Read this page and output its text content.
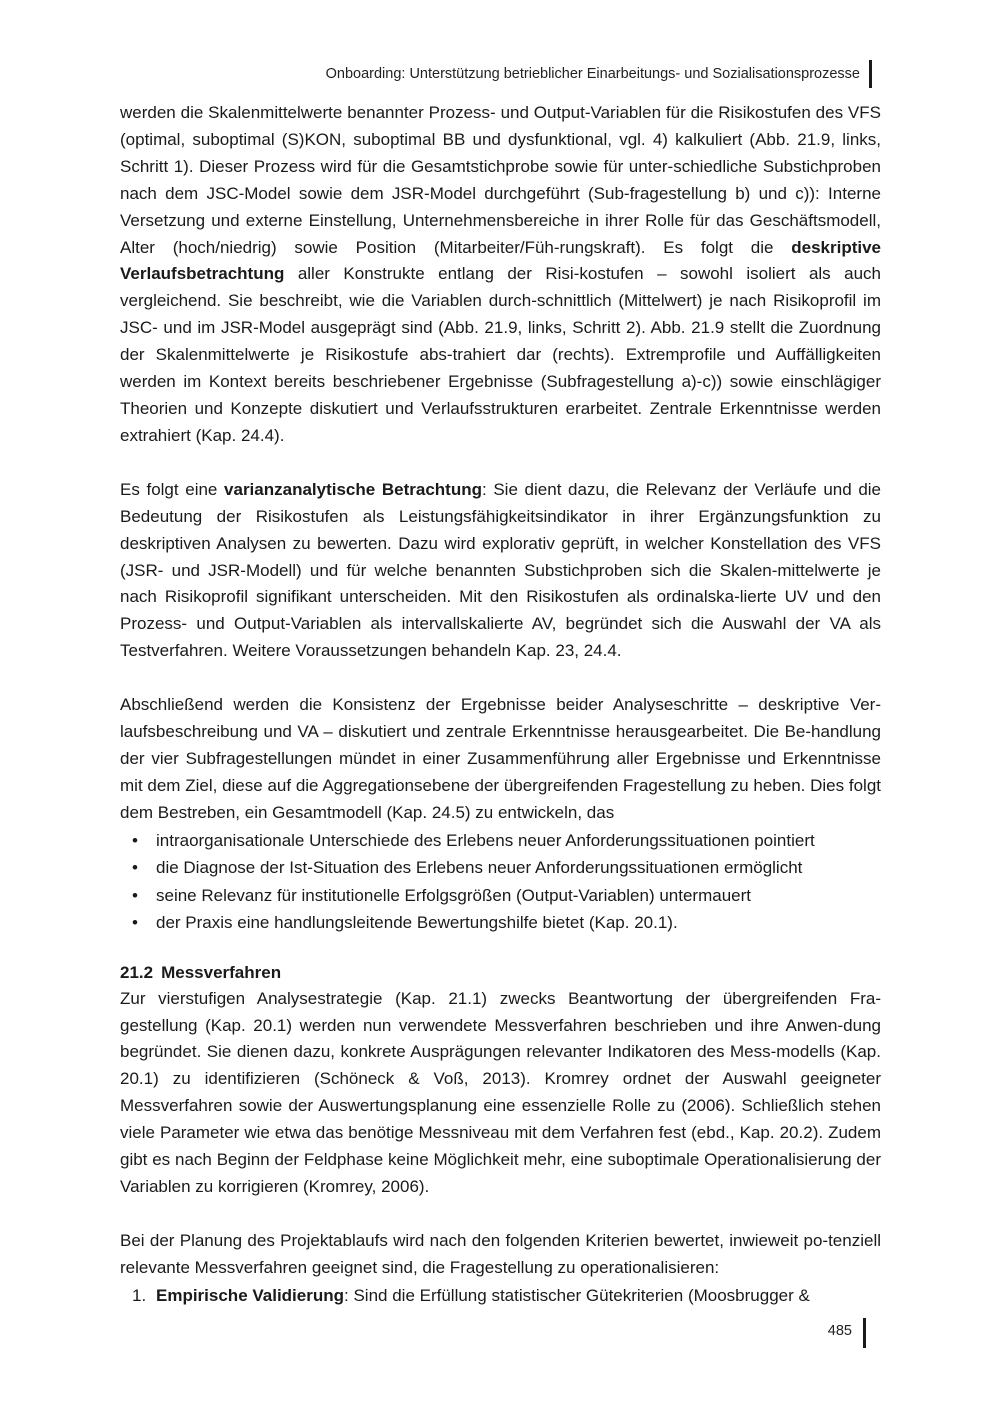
Onboarding: Unterstützung betrieblicher Einarbeitungs- und Sozialisationsprozesse

werden die Skalenmittelwerte benannter Prozess- und Output-Variablen für die Risikostufen des VFS (optimal, suboptimal (S)KON, suboptimal BB und dysfunktional, vgl. 4) kalkuliert (Abb. 21.9, links, Schritt 1). Dieser Prozess wird für die Gesamtstichprobe sowie für unter-schiedliche Substichproben nach dem JSC-Model sowie dem JSR-Model durchgeführt (Sub-fragestellung b) und c)): Interne Versetzung und externe Einstellung, Unternehmensbereiche in ihrer Rolle für das Geschäftsmodell, Alter (hoch/niedrig) sowie Position (Mitarbeiter/Füh-rungskraft). Es folgt die deskriptive Verlaufsbetrachtung aller Konstrukte entlang der Risi-kostufen – sowohl isoliert als auch vergleichend. Sie beschreibt, wie die Variablen durch-schnittlich (Mittelwert) je nach Risikoprofil im JSC- und im JSR-Model ausgeprägt sind (Abb. 21.9, links, Schritt 2). Abb. 21.9 stellt die Zuordnung der Skalenmittelwerte je Risikostufe abs-trahiert dar (rechts). Extremprofile und Auffälligkeiten werden im Kontext bereits beschriebener Ergebnisse (Subfragestellung a)-c)) sowie einschlägiger Theorien und Konzepte diskutiert und Verlaufsstrukturen erarbeitet. Zentrale Erkenntnisse werden extrahiert (Kap. 24.4).

Es folgt eine varianzanalytische Betrachtung: Sie dient dazu, die Relevanz der Verläufe und die Bedeutung der Risikostufen als Leistungsfähigkeitsindikator in ihrer Ergänzungsfunktion zu deskriptiven Analysen zu bewerten. Dazu wird explorativ geprüft, in welcher Konstellation des VFS (JSR- und JSR-Modell) und für welche benannten Substichproben sich die Skalen-mittelwerte je nach Risikoprofil signifikant unterscheiden. Mit den Risikostufen als ordinalska-lierte UV und den Prozess- und Output-Variablen als intervallskalierte AV, begründet sich die Auswahl der VA als Testverfahren. Weitere Voraussetzungen behandeln Kap. 23, 24.4.

Abschließend werden die Konsistenz der Ergebnisse beider Analyseschritte – deskriptive Ver-laufsbeschreibung und VA – diskutiert und zentrale Erkenntnisse herausgearbeitet. Die Be-handlung der vier Subfragestellungen mündet in einer Zusammenführung aller Ergebnisse und Erkenntnisse mit dem Ziel, diese auf die Aggregationsebene der übergreifenden Fragestellung zu heben. Dies folgt dem Bestreben, ein Gesamtmodell (Kap. 24.5) zu entwickeln, das

• intraorganisationale Unterschiede des Erlebens neuer Anforderungssituationen pointiert
• die Diagnose der Ist-Situation des Erlebens neuer Anforderungssituationen ermöglicht
• seine Relevanz für institutionelle Erfolgsgrößen (Output-Variablen) untermauert
• der Praxis eine handlungsleitende Bewertungshilfe bietet (Kap. 20.1).
21.2 Messverfahren

Zur vierstufigen Analysestrategie (Kap. 21.1) zwecks Beantwortung der übergreifenden Fra-gestellung (Kap. 20.1) werden nun verwendete Messverfahren beschrieben und ihre Anwen-dung begründet. Sie dienen dazu, konkrete Ausprägungen relevanter Indikatoren des Mess-modells (Kap. 20.1) zu identifizieren (Schöneck & Voß, 2013). Kromrey ordnet der Auswahl geeigneter Messverfahren sowie der Auswertungsplanung eine essenzielle Rolle zu (2006). Schließlich stehen viele Parameter wie etwa das benötige Messniveau mit dem Verfahren fest (ebd., Kap. 20.2). Zudem gibt es nach Beginn der Feldphase keine Möglichkeit mehr, eine suboptimale Operationalisierung der Variablen zu korrigieren (Kromrey, 2006).

Bei der Planung des Projektablaufs wird nach den folgenden Kriterien bewertet, inwieweit po-tenziell relevante Messverfahren geeignet sind, die Fragestellung zu operationalisieren:

1. Empirische Validierung: Sind die Erfüllung statistischer Gütekriterien (Moosbrugger &
485
